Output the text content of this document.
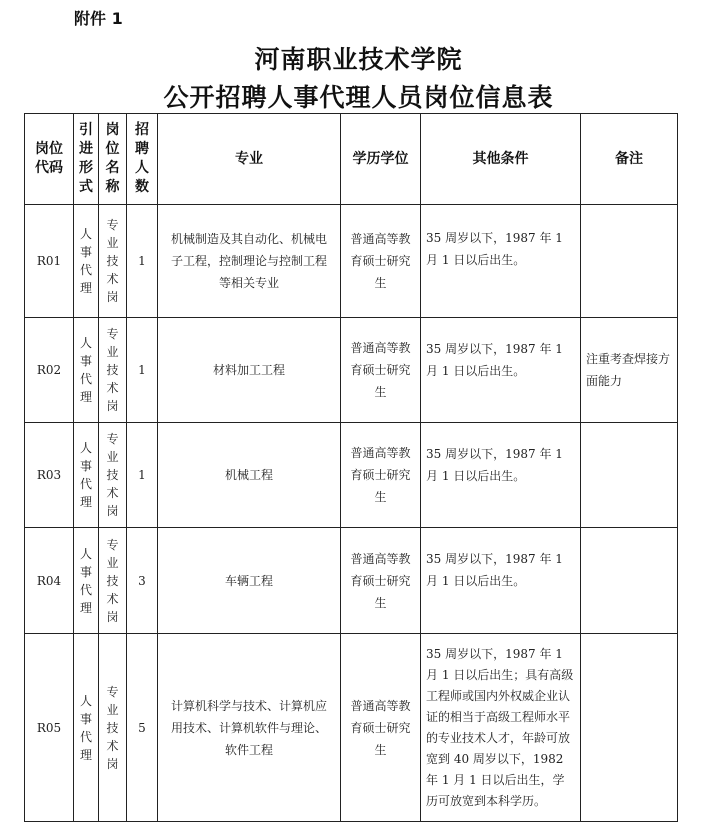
附件 1
河南职业技术学院
公开招聘人事代理人员岗位信息表
岗位代码	引进形式	岗位名称	招聘人数	专业	学历学位	其他条件	备注
R01	人事代理	专业技术岗	1	机械制造及其自动化、机械电子工程，控制理论与控制工程等相关专业	普通高等教育硕士研究生	35 周岁以下，1987 年 1 月 1 日以后出生。	
R02	人事代理	专业技术岗	1	材料加工工程	普通高等教育硕士研究生	35 周岁以下，1987 年 1 月 1 日以后出生。	注重考查焊接方面能力
R03	人事代理	专业技术岗	1	机械工程	普通高等教育硕士研究生	35 周岁以下，1987 年 1 月 1 日以后出生。	
R04	人事代理	专业技术岗	3	车辆工程	普通高等教育硕士研究生	35 周岁以下，1987 年 1 月 1 日以后出生。	
R05	人事代理	专业技术岗	5	计算机科学与技术、计算机应用技术、计算机软件与理论、软件工程	普通高等教育硕士研究生	35 周岁以下，1987 年 1 月 1 日以后出生；具有高级工程师或国内外权威企业认证的相当于高级工程师水平的专业技术人才，年龄可放宽到 40 周岁以下，1982 年 1 月 1 日以后出生，学历可放宽到本科学历。	
